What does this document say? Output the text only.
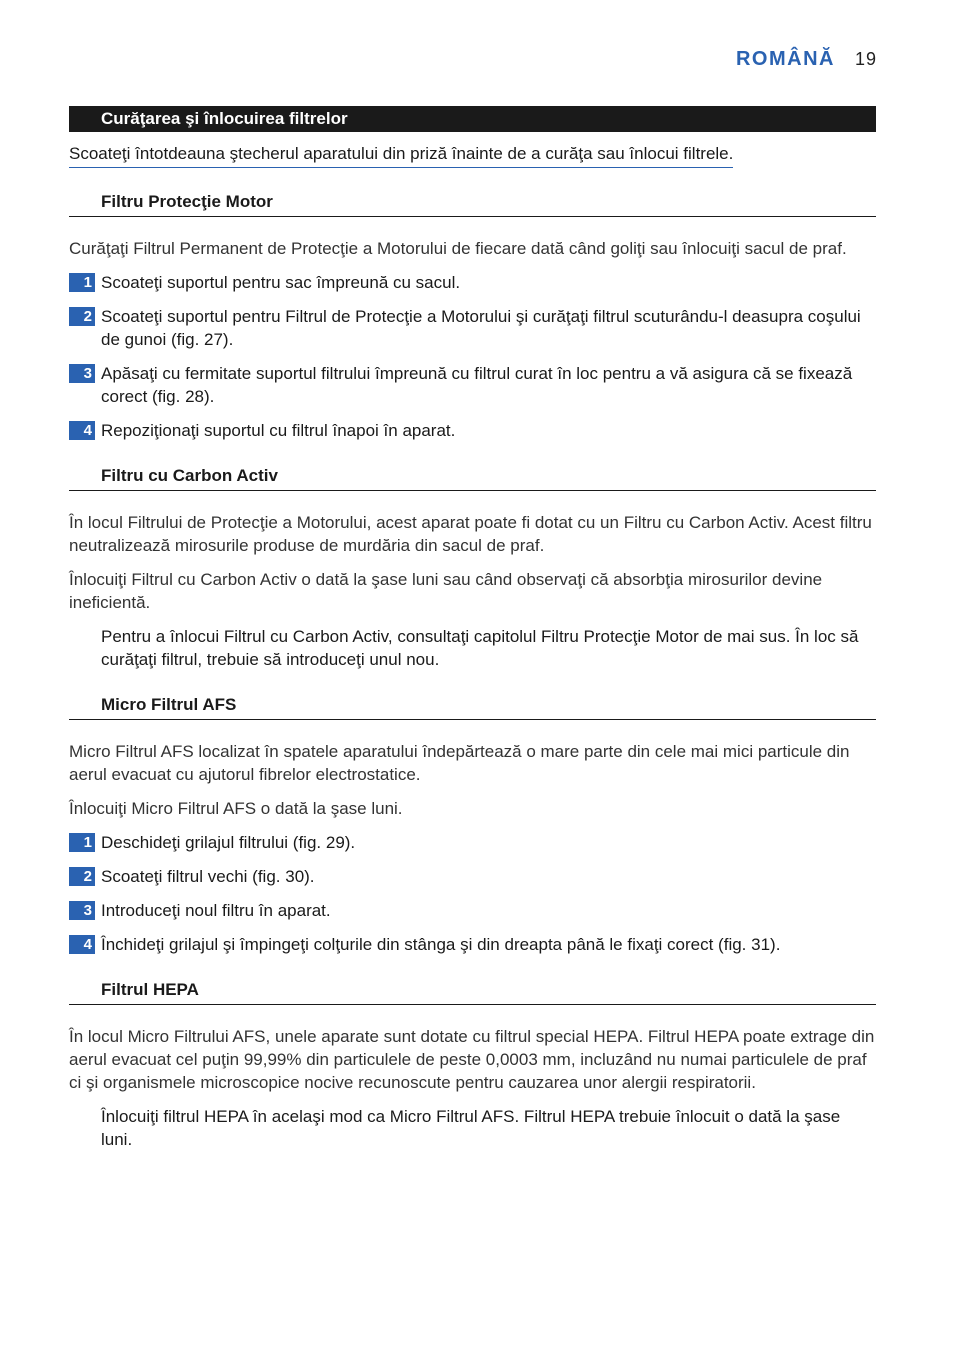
ROMÂNĂ 19
Curăţarea şi înlocuirea filtrelor
Scoateţi întotdeauna ştecherul aparatului din priză înainte de a curăţa sau înlocui filtrele.
Filtru Protecţie Motor
Curăţaţi Filtrul Permanent de Protecţie a Motorului de fiecare dată când goliţi sau înlocuiţi sacul de praf.
1 Scoateţi suportul pentru sac împreună cu sacul.
2 Scoateţi suportul pentru Filtrul de Protecţie a Motorului şi curăţaţi filtrul scuturându-l deasupra coşului de gunoi (fig. 27).
3 Apăsaţi cu fermitate suportul filtrului împreună cu filtrul curat în loc pentru a vă asigura că se fixează corect (fig. 28).
4 Repoziţionaţi suportul cu filtrul înapoi în aparat.
Filtru cu Carbon Activ
În locul Filtrului de Protecţie a Motorului, acest aparat poate fi dotat cu un Filtru cu Carbon Activ. Acest filtru neutralizează mirosurile produse de murdăria din sacul de praf.
Înlocuiţi Filtrul cu Carbon Activ o dată la şase luni sau când observaţi că absorbţia mirosurilor devine ineficientă.
Pentru a înlocui Filtrul cu Carbon Activ, consultaţi capitolul Filtru Protecţie Motor de mai sus. În loc să curăţaţi filtrul, trebuie să introduceţi unul nou.
Micro Filtrul AFS
Micro Filtrul AFS localizat în spatele aparatului îndepărtează o mare parte din cele mai mici particule din aerul evacuat cu ajutorul fibrelor electrostatice.
Înlocuiţi Micro Filtrul AFS o dată la şase luni.
1 Deschideţi grilajul filtrului (fig. 29).
2 Scoateţi filtrul vechi (fig. 30).
3 Introduceţi noul filtru în aparat.
4 Închideţi grilajul şi împingeţi colţurile din stânga şi din dreapta până le fixaţi corect (fig. 31).
Filtrul HEPA
În locul Micro Filtrului AFS, unele aparate sunt dotate cu filtrul special HEPA. Filtrul HEPA poate extrage din aerul evacuat cel puţin 99,99% din particulele de peste 0,0003 mm, incluzând nu numai particulele de praf ci şi organismele microscopice nocive recunoscute pentru cauzarea unor alergii respiratorii.
Înlocuiţi filtrul HEPA în acelaşi mod ca Micro Filtrul AFS. Filtrul HEPA trebuie înlocuit o dată la şase luni.
